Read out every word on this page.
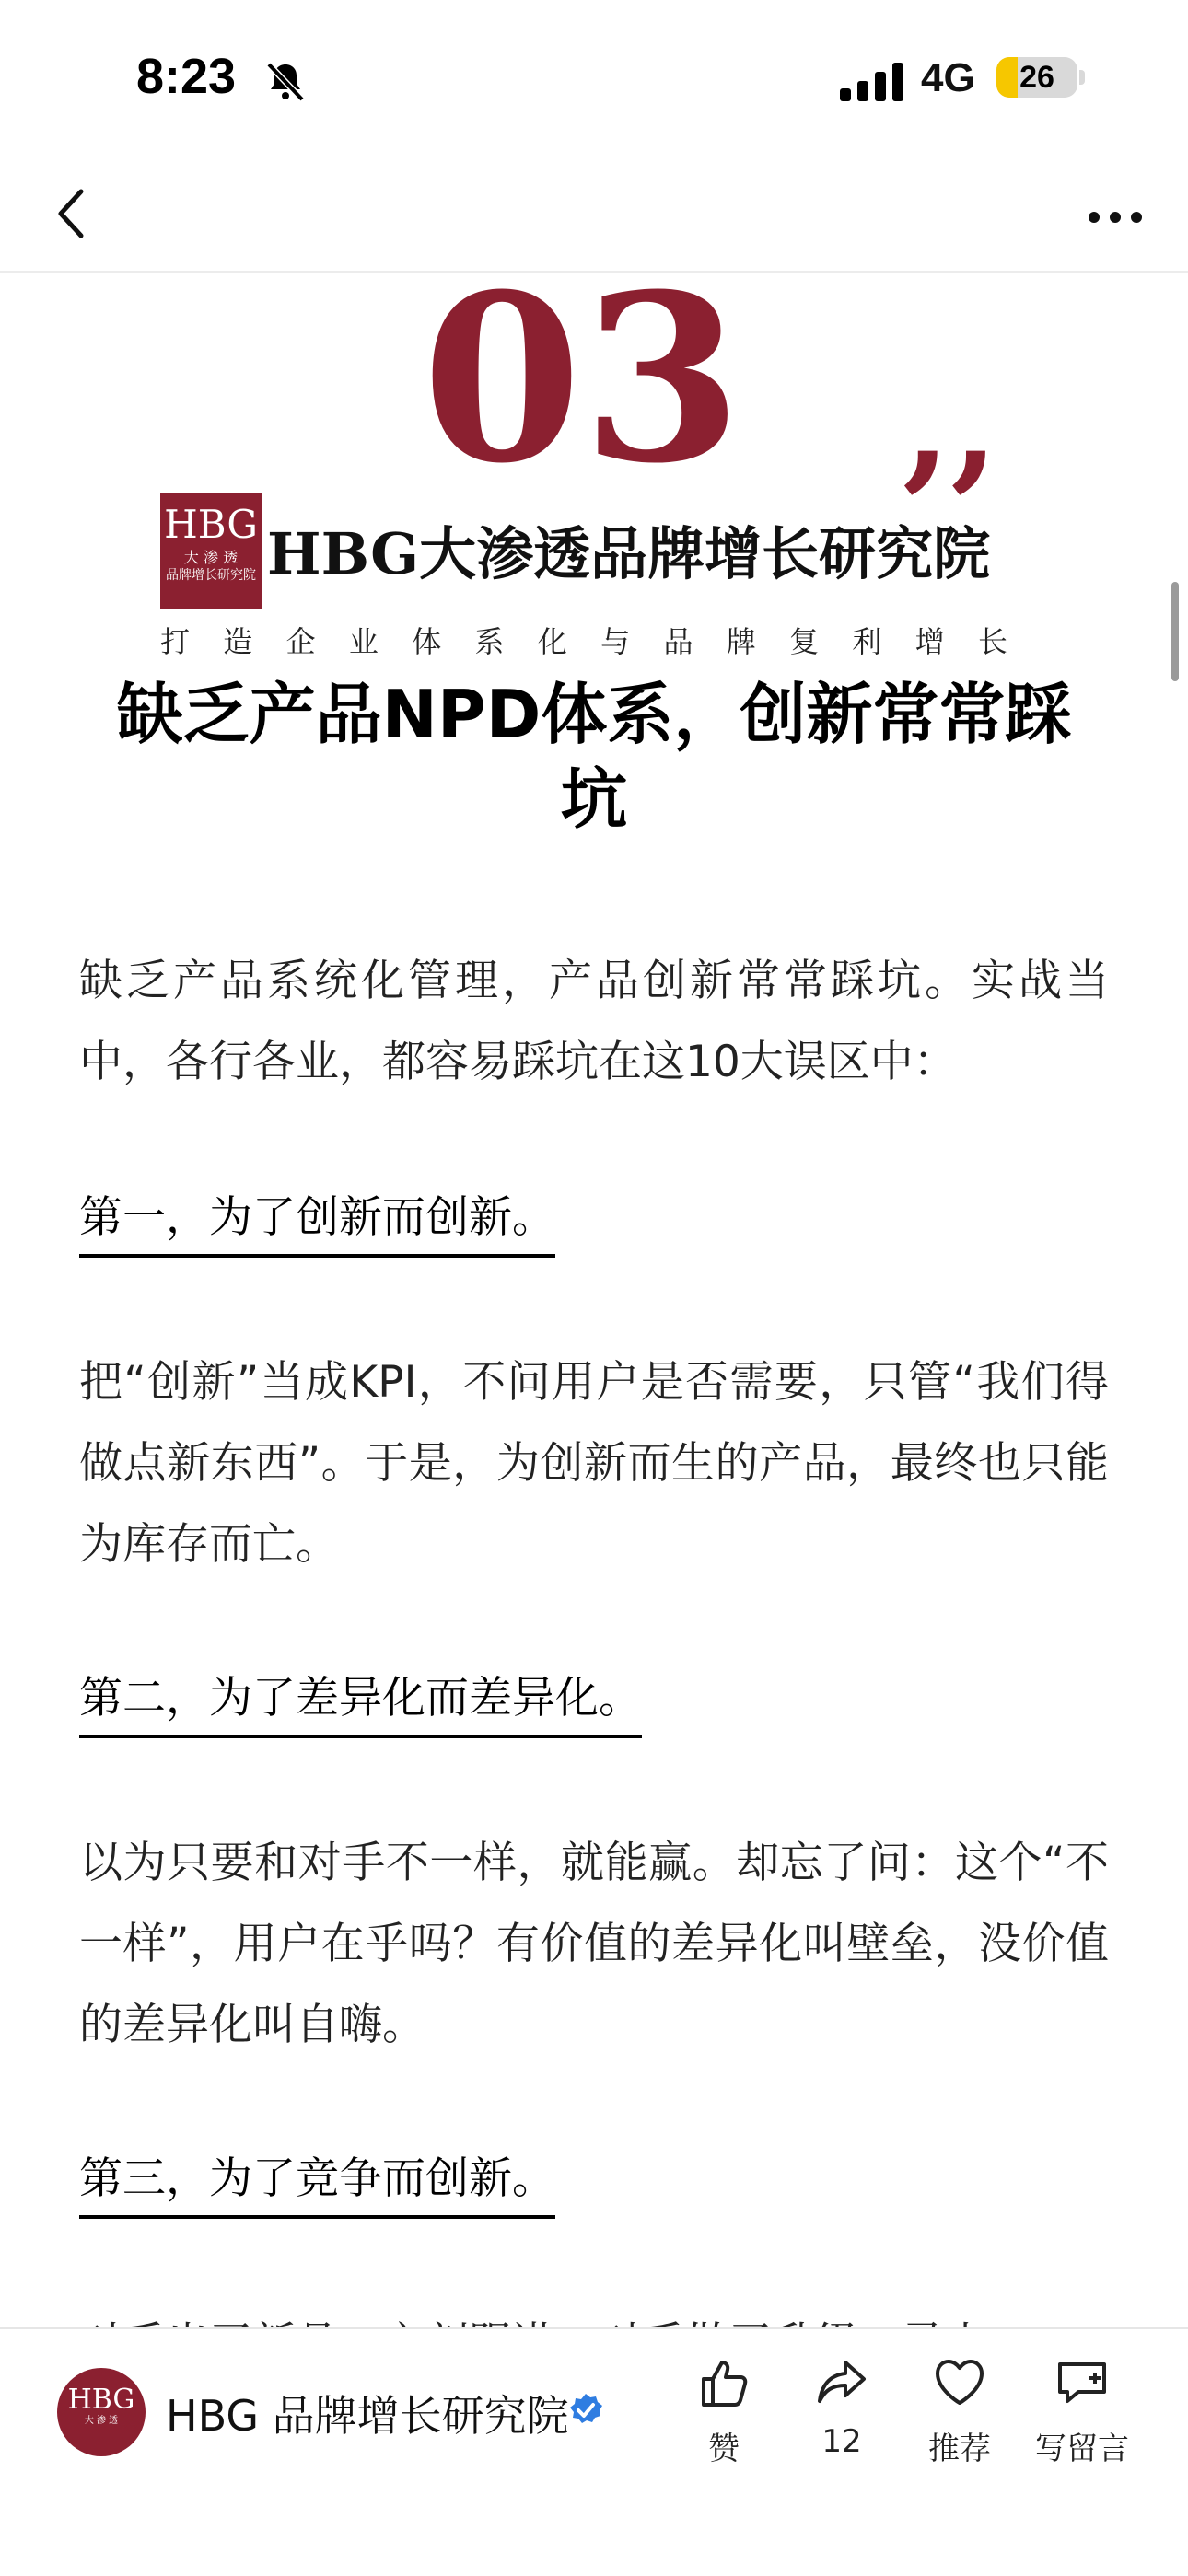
8:23	4G	26
03 ,,
HBG
大 渗 透
品牌增长研究院 HBG大渗透品牌增长研究院
打造企业体系化与品牌复利增长
缺乏产品NPD体系，创新常常踩坑
缺乏产品系统化管理，产品创新常常踩坑。实战当中，各行各业，都容易踩坑在这10大误区中：
第一，为了创新而创新。
把“创新”当成KPI，不问用户是否需要，只管“我们得做点新东西”。于是，为创新而生的产品，最终也只能为库存而亡。
第二，为了差异化而差异化。
以为只要和对手不一样，就能赢。却忘了问：这个“不一样”，用户在乎吗？有价值的差异化叫壁垒，没价值的差异化叫自嗨。
第三，为了竞争而创新。
HBG
大 渗 透	HBG 品牌增长研究院
赞	12	推荐	写留言
